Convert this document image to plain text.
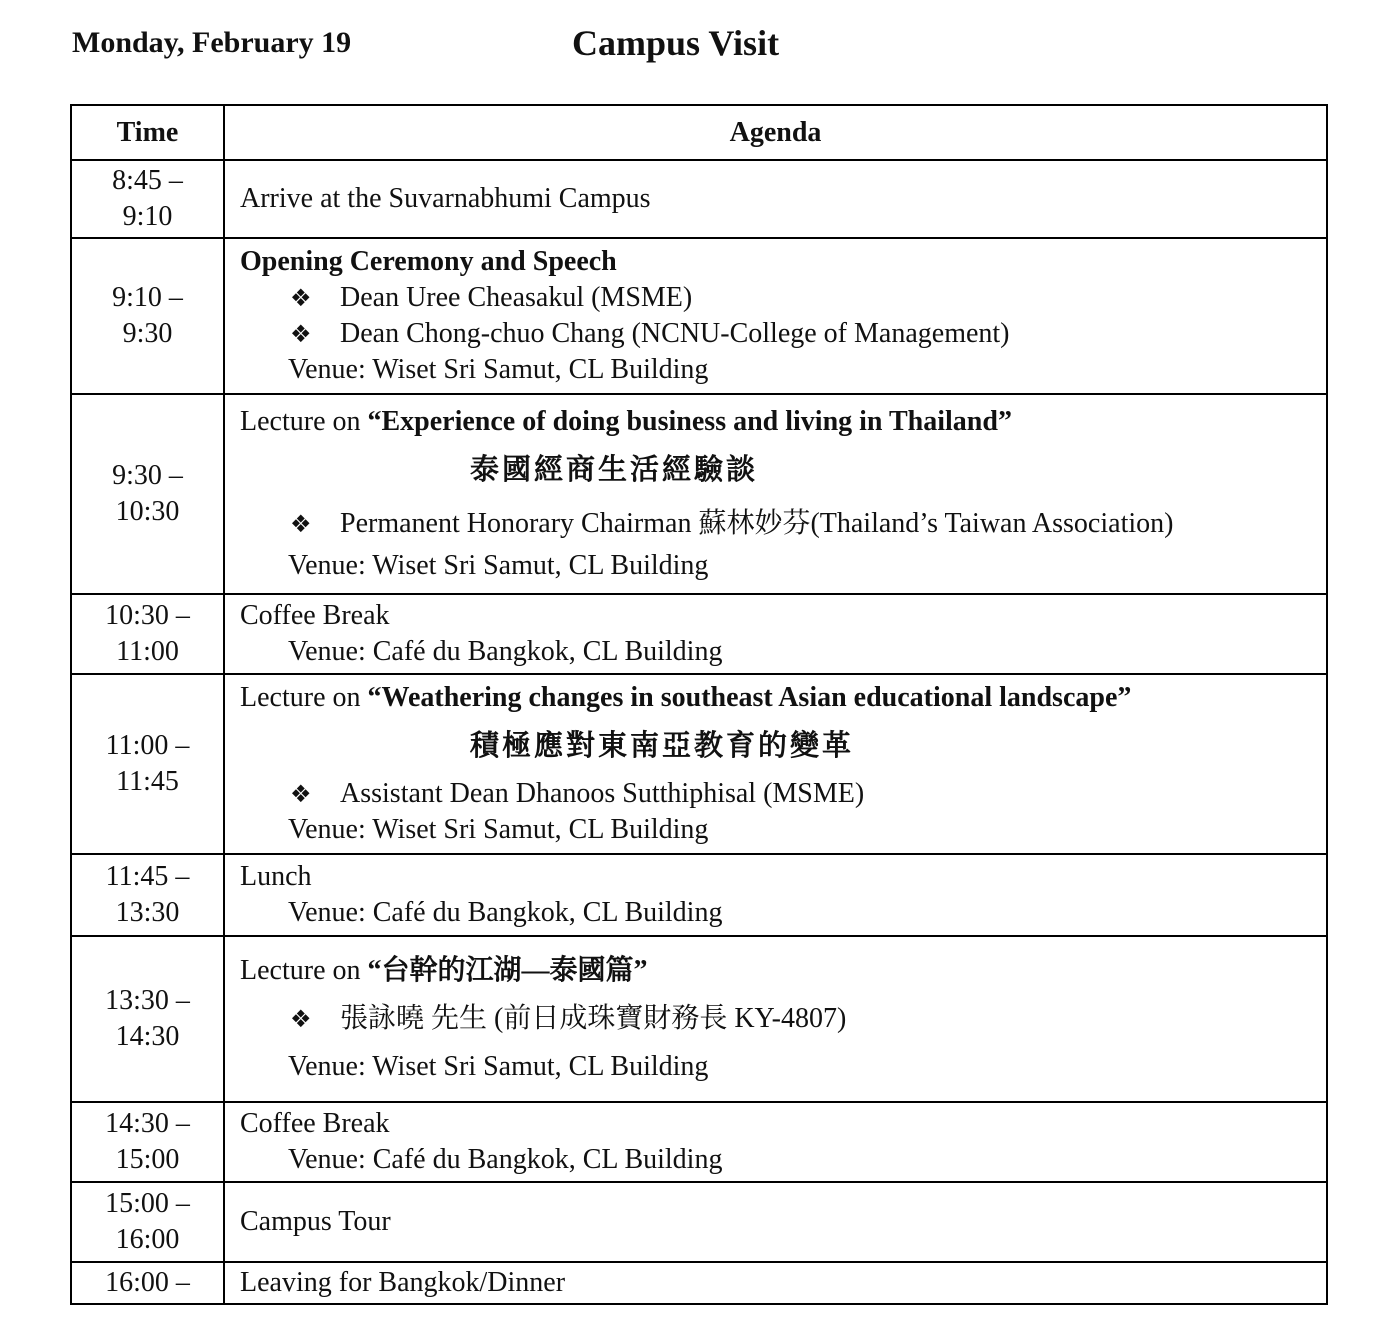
Monday, February 19	Campus Visit
Time	Agenda

8:45 –
9:10	Arrive at the Suvarnabhumi Campus

9:10 –
9:30	Opening Ceremony and Speech
❖ Dean Uree Cheasakul (MSME)
❖ Dean Chong-chuo Chang (NCNU-College of Management)
Venue: Wiset Sri Samut, CL Building

9:30 –
10:30	Lecture on “Experience of doing business and living in Thailand”
泰國經商生活經驗談
❖ Permanent Honorary Chairman 蘇林妙芬(Thailand’s Taiwan Association)
Venue: Wiset Sri Samut, CL Building

10:30 –
11:00	Coffee Break
Venue: Café du Bangkok, CL Building

11:00 –
11:45	Lecture on “Weathering changes in southeast Asian educational landscape”
積極應對東南亞教育的變革
❖ Assistant Dean Dhanoos Sutthiphisal (MSME)
Venue: Wiset Sri Samut, CL Building

11:45 –
13:30	Lunch
Venue: Café du Bangkok, CL Building

13:30 –
14:30	Lecture on “台幹的江湖—泰國篇”
❖ 張詠曉 先生 (前日成珠寶財務長 KY-4807)
Venue: Wiset Sri Samut, CL Building

14:30 –
15:00	Coffee Break
Venue: Café du Bangkok, CL Building

15:00 –
16:00	Campus Tour

16:00 –	Leaving for Bangkok/Dinner
